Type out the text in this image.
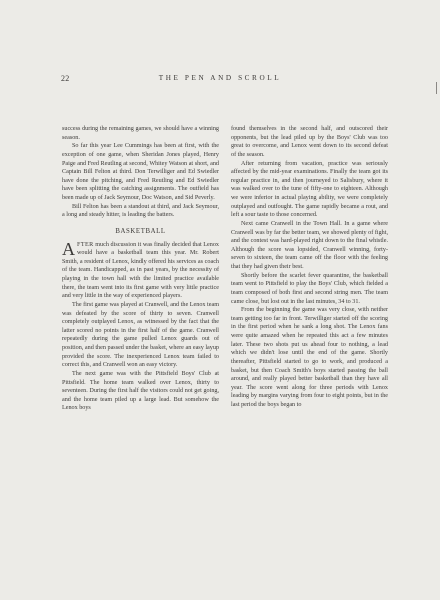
22	THE PEN AND SCROLL

success during the remaining games, we should have a winning season.

So far this year Lee Cummings has been at first, with the exception of one game, when Sheridan Jones played, Henry Paige and Fred Reutling at second, Whitey Watson at short, and Captain Bill Felton at third. Don Terwilliger and Ed Swiedler have done the pitching, and Fred Reutling and Ed Swiedler have been splitting the catching assignments. The outfield has been made up of Jack Seymour, Doc Watson, and Sid Peverly.

Bill Felton has been a standout at third, and Jack Seymour, a long and steady hitter, is leading the batters.

BASKETBALL

AFTER much discussion it was finally decided that Lenox would have a basketball team this year. Mr. Robert Smith, a resident of Lenox, kindly offered his services as coach of the team. Handicapped, as in past years, by the necessity of playing in the town hall with the limited practice available there, the team went into its first game with very little practice and very little in the way of experienced players.

The first game was played at Cranwell, and the Lenox team was defeated by the score of thirty to seven. Cranwell completely outplayed Lenox, as witnessed by the fact that the latter scored no points in the first half of the game. Cranwell repeatedly during the game pulled Lenox guards out of position, and then passed under the basket, where an easy layup provided the score. The inexperienced Lenox team failed to correct this, and Cranwell won an easy victory.

The next game was with the Pittsfield Boys' Club at Pittsfield. The home team walked over Lenox, thirty to seventeen. During the first half the visitors could not get going, and the home team piled up a large lead. But somehow the Lenox boys

found themselves in the second half, and outscored their opponents, but the lead piled up by the Boys' Club was too great to overcome, and Lenox went down to its second defeat of the season.

After returning from vacation, practice was seriously affected by the mid-year examinations. Finally the team got its regular practice in, and then journeyed to Salisbury, where it was walked over to the tune of fifty-one to eighteen. Although we were inferior in actual playing ability, we were completely outplayed and outfought. The game rapidly became a rout, and left a sour taste to those concerned.

Next came Cranwell in the Town Hall. In a game where Cranwell was by far the better team, we showed plenty of fight, and the contest was hard-played right down to the final whistle. Although the score was lopsided, Cranwell winning, forty-seven to sixteen, the team came off the floor with the feeling that they had given their best.

Shortly before the scarlet fever quarantine, the basketball team went to Pittsfield to play the Boys' Club, which fielded a team composed of both first and second string men. The team came close, but lost out in the last minutes, 34 to 31.

From the beginning the game was very close, with neither team getting too far in front. Terwilliger started off the scoring in the first period when he sank a long shot. The Lenox fans were quite amazed when he repeated this act a few minutes later. These two shots put us ahead four to nothing, a lead which we didn't lose until the end of the game. Shortly thereafter, Pittsfield started to go to work, and produced a basket, but then Coach Smith's boys started passing the ball around, and really played better basketball than they have all year. The score went along for three periods with Lenox leading by margins varying from four to eight points, but in the last period the boys began to
